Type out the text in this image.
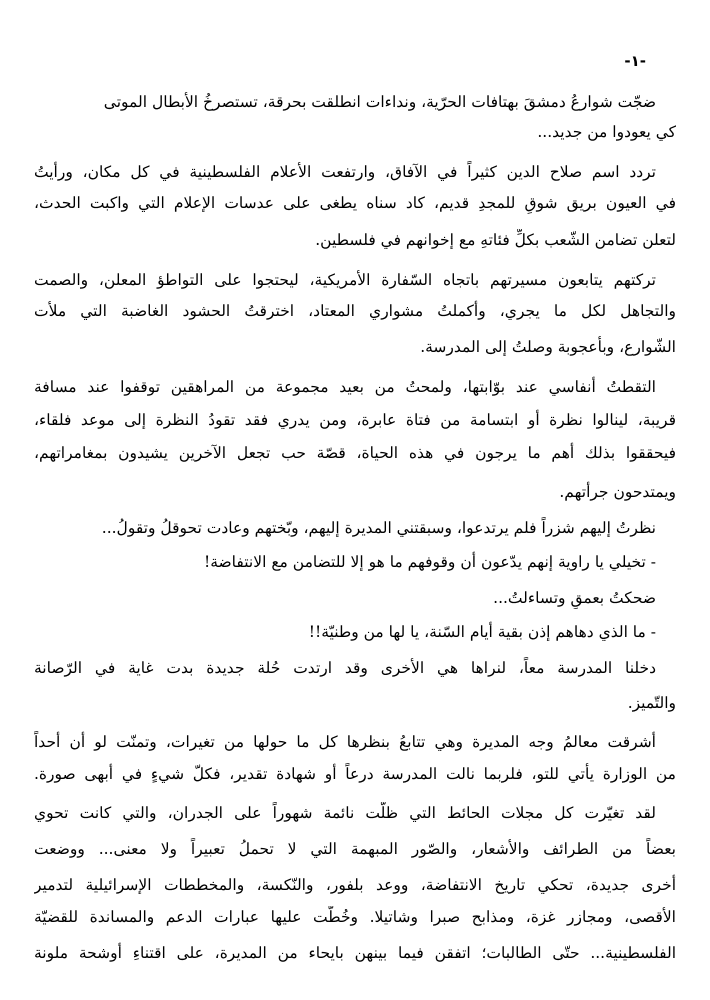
-١-
ضجّت شوارعُ دمشقَ بهتافات الحرّية، ونداءات انطلقت بحرقة، تستصرخُ الأبطال الموتى
كي يعودوا من جديد...
تردد اسم صلاح الدين كثيراً في الآفاق، وارتفعت الأعلام الفلسطينية في كل مكان، ورأيتُ
في العيون بريق شوقٍ للمجدِ قديم، كاد سناه يطغى على عدسات الإعلام التي واكبت الحدث،
لتعلن تضامن الشّعب بكلِّ فئاتهِ مع إخوانهم في فلسطين.
تركتهم يتابعون مسيرتهم باتجاه السّفارة الأمريكية، ليحتجوا على التواطؤ المعلن، والصمت
والتجاهل لكل ما يجري، وأكملتُ مشواري المعتاد، اخترقتُ الحشود الغاضبة التي ملأت
الشّوارع، وبأعجوبة وصلتُ إلى المدرسة.
التقطتُ أنفاسي عند بوّابتها، ولمحتُ من بعيد مجموعة من المراهقين توقفوا عند مسافة
قريبة، لينالوا نظرة أو ابتسامة من فتاة عابرة، ومن يدري فقد تقودُ النظرة إلى موعد فلقاء،
فيحققوا بذلك أهم ما يرجون في هذه الحياة، قصّة حب تجعل الآخرين يشيدون بمغامراتهم،
ويمتدحون جرأتهم.
نظرتُ إليهم شزراً فلم يرتدعوا، وسبقتني المديرة إليهم، وبّختهم وعادت تحوقلُ وتقولُ...
- تخيلي يا راوية إنهم يدّعون أن وقوفهم ما هو إلا للتضامن مع الانتفاضة!
ضحكتُ بعمقٍ وتساءلتُ...
- ما الذي دهاهم إذن بقية أيام السّنة، يا لها من وطنيّة!!
دخلنا المدرسة معاً، لنراها هي الأخرى وقد ارتدت حُلة جديدة بدت غاية في الرّصانة
والتّميز.
أشرقت معالمُ وجه المديرة وهي تتابعُ بنظرها كل ما حولها من تغيرات، وتمنّت لو أن أحداً
من الوزارة يأتي للتو، فلربما نالت المدرسة درعاً أو شهادة تقدير، فكلّ شيءٍ في أبهى صورة.
لقد تغيّرت كل مجلات الحائط التي ظلّت نائمة شهوراً على الجدران، والتي كانت تحوي
بعضاً من الطرائف والأشعار، والصّور المبهمة التي لا تحملُ تعبيراً ولا معنى... ووضعت
أخرى جديدة، تحكي تاريخ الانتفاضة، ووعد بلفور، والنّكسة، والمخططات الإسرائيلية لتدمير
الأقصى، ومجازر غزة، ومذابح صبرا وشاتيلا. وخُطّت عليها عبارات الدعم والمساندة للقضيّة
الفلسطينية... حتّى الطالبات؛ اتفقن فيما بينهن بايحاء من المديرة، على اقتناءِ أوشحة ملونة
